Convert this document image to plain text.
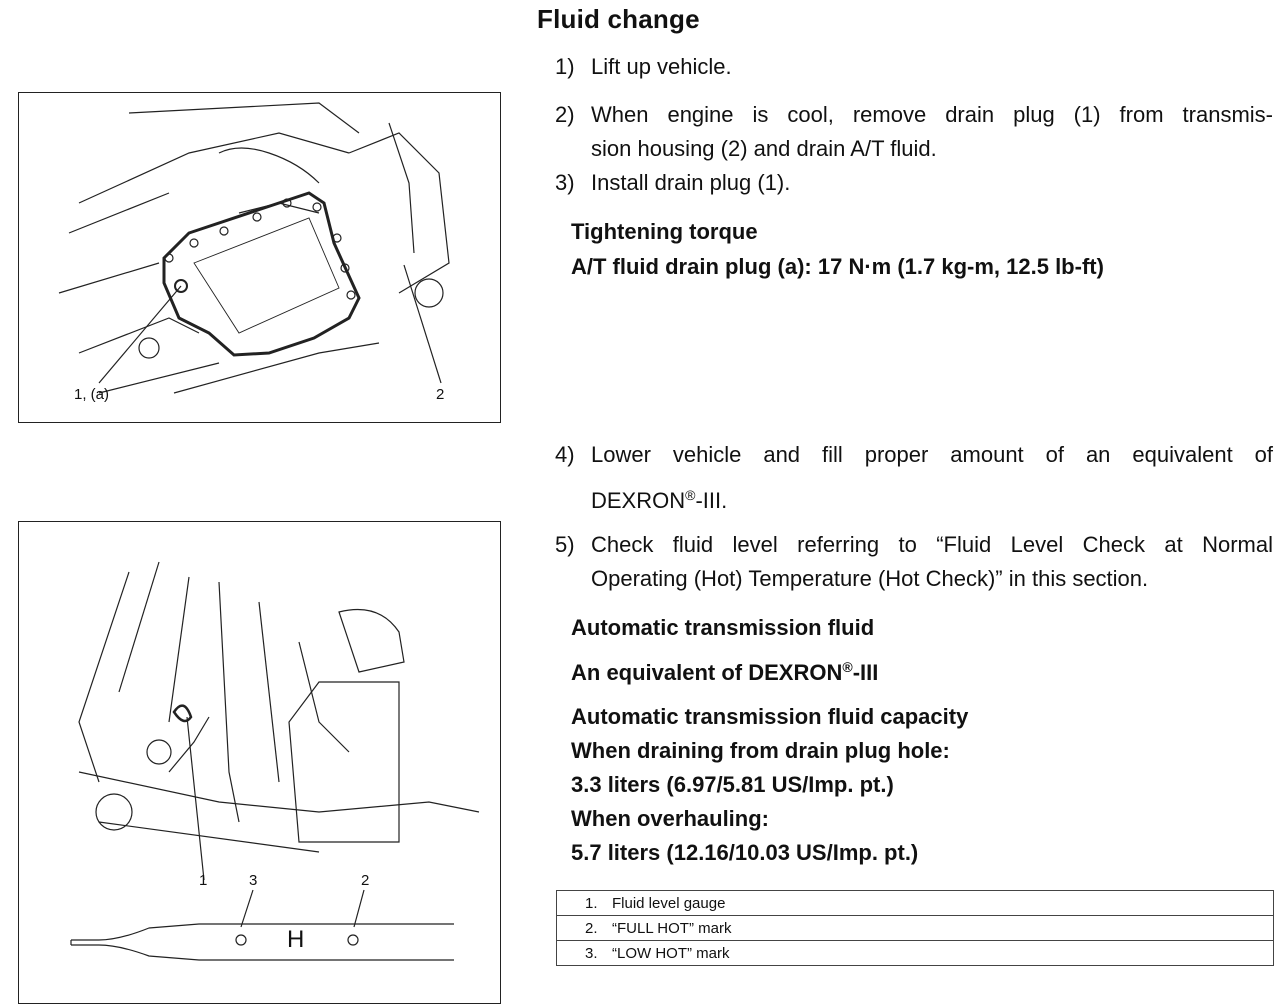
1, (a)	2
1	3	2
H
Fluid change
1) Lift up vehicle.
2) When engine is cool, remove drain plug (1) from transmis-
sion housing (2) and drain A/T fluid.
3) Install drain plug (1).
Tightening torque
A/T fluid drain plug (a): 17 N·m (1.7 kg-m, 12.5 lb-ft)
4) Lower vehicle and fill proper amount of an equivalent of
DEXRON®-III.
5) Check fluid level referring to “Fluid Level Check at Normal
Operating (Hot) Temperature (Hot Check)” in this section.
Automatic transmission fluid
An equivalent of DEXRON®-III
Automatic transmission fluid capacity
When draining from drain plug hole:
3.3 liters (6.97/5.81 US/Imp. pt.)
When overhauling:
5.7 liters (12.16/10.03 US/Imp. pt.)
1. Fluid level gauge
2. “FULL HOT” mark
3. “LOW HOT” mark
